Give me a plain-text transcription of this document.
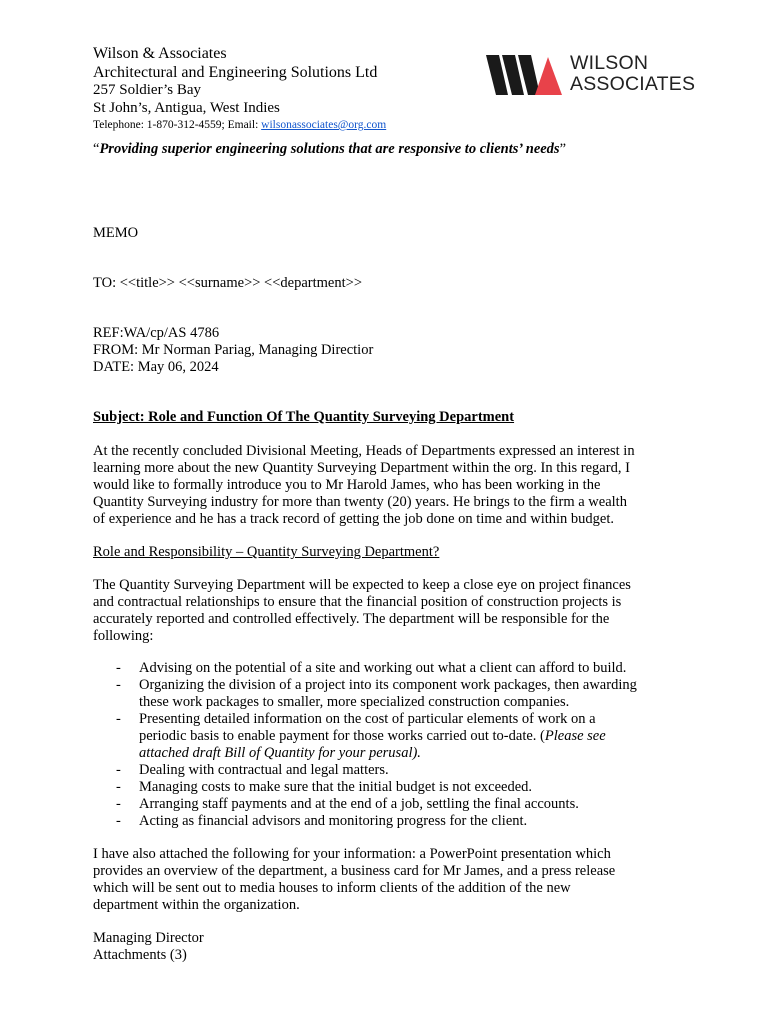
Wilson & Associates
Architectural and Engineering Solutions Ltd
257 Soldier’s Bay
St John’s, Antigua, West Indies
Telephone: 1-870-312-4559; Email: wilsonassociates@org.com
WILSON
ASSOCIATES
“Providing superior engineering solutions that are responsive to clients’ needs”
MEMO
TO: <<title>> <<surname>> <<department>>
REF:WA/cp/AS 4786
FROM: Mr Norman Pariag, Managing Directior
DATE: May 06, 2024
Subject: Role and Function Of The Quantity Surveying Department
At the recently concluded Divisional Meeting, Heads of Departments expressed an interest in
learning more about the new Quantity Surveying Department within the org. In this regard, I
would like to formally introduce you to Mr Harold James, who has been working in the
Quantity Surveying industry for more than twenty (20) years. He brings to the firm a wealth
of experience and he has a track record of getting the job done on time and within budget.
Role and Responsibility – Quantity Surveying Department?
The Quantity Surveying Department will be expected to keep a close eye on project finances
and contractual relationships to ensure that the financial position of construction projects is
accurately reported and controlled effectively. The department will be responsible for the
following:
- Advising on the potential of a site and working out what a client can afford to build.
- Organizing the division of a project into its component work packages, then awarding
these work packages to smaller, more specialized construction companies.
- Presenting detailed information on the cost of particular elements of work on a
periodic basis to enable payment for those works carried out to-date. (Please see
attached draft Bill of Quantity for your perusal).
- Dealing with contractual and legal matters.
- Managing costs to make sure that the initial budget is not exceeded.
- Arranging staff payments and at the end of a job, settling the final accounts.
- Acting as financial advisors and monitoring progress for the client.
I have also attached the following for your information: a PowerPoint presentation which
provides an overview of the department, a business card for Mr James, and a press release
which will be sent out to media houses to inform clients of the addition of the new
department within the organization.
Managing Director
Attachments (3)
